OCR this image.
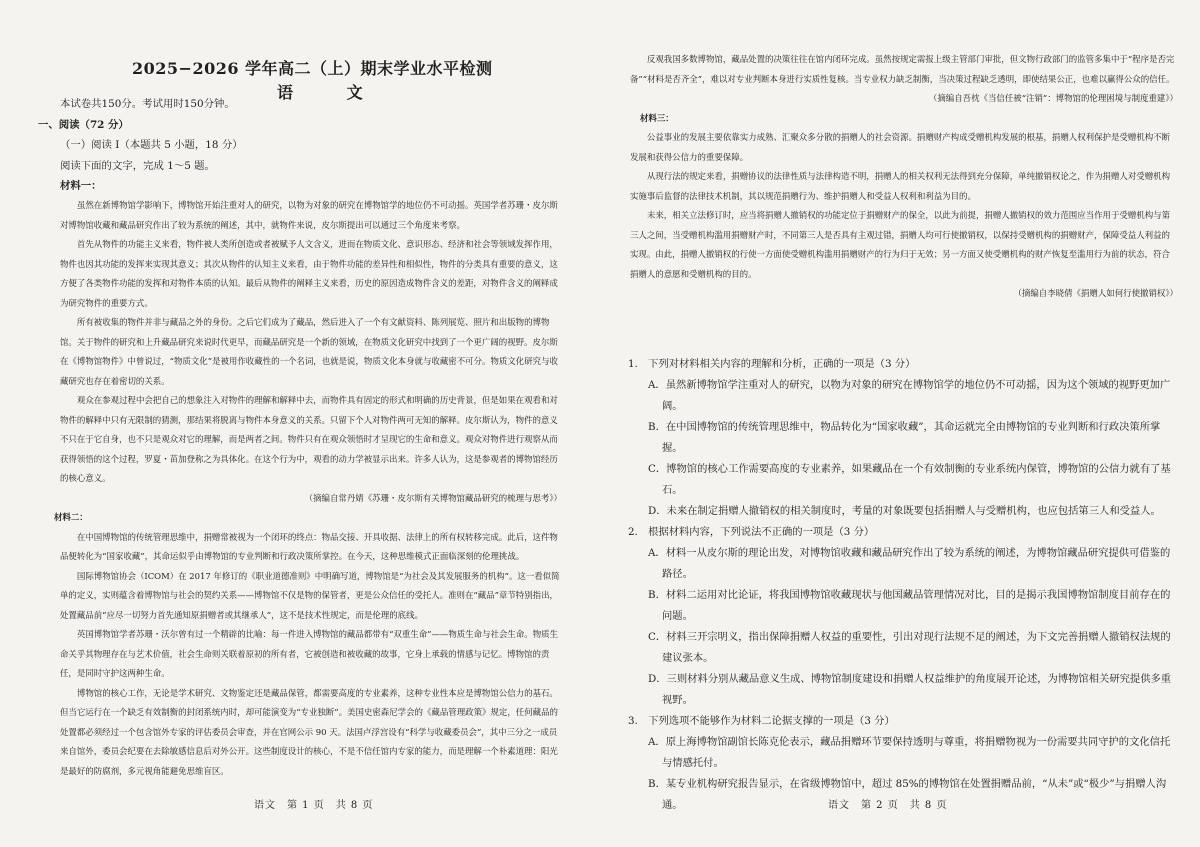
2025−2026 学年高二（上）期末学业水平检测
语 文

本试卷共150分。考试用时150分钟。

一、阅读（72 分）

（一）阅读 I（本题共 5 小题，18 分）

阅读下面的文字，完成 1～5 题。

材料一：

虽然在新博物馆学影响下，博物馆开始注重对人的研究，以物为对象的研究在博物馆学的地位仍不可动摇。英国学者苏珊・皮尔斯对博物馆收藏和藏品研究作出了较为系统的阐述，其中，就物件来说，皮尔斯提出可以通过三个角度来考察。

首先从物件的功能主义来看，物件被人类所创造或者被赋予人文含义，进而在物质文化、意识形态、经济和社会等领域发挥作用，物件也因其功能的发挥来实现其意义；其次从物件的认知主义来看，由于物件功能的差异性和相似性，物件的分类具有重要的意义，这方便了各类物件功能的发挥和对物件本质的认知。最后从物件的阐释主义来看，历史的原因造成物件含义的差距，对物件含义的阐释成为研究物件的重要方式。

所有被收集的物件并非与藏品之外的身份。之后它们成为了藏品，然后进入了一个有文献资料、陈列展览、照片和出版物的博物馆。关于物件的研究和上升藏品研究来说时代更早，而藏品研究是一个新的领域，在物质文化研究中找到了一个更广阔的视野。皮尔斯在《博物馆物件》中曾说过，“物质文化”是被用作收藏性的一个名词，也就是说，物质文化本身就与收藏密不可分。物质文化研究与收藏研究也存在着密切的关系。

观众在参观过程中会把自己的想象注入对物件的理解和解释中去，而物件具有固定的形式和明确的历史背景，但是如果在观看和对物件的解释中只有无限制的猜测，那结果将脱离与物件本身意义的关系。只留下个人对物件两可无知的解释。皮尔斯认为，物件的意义不只在于它自身，也不只是观众对它的理解，而是两者之间。物件只有在观众领悟时才呈现它的生命和意义。观众对物件进行观察从而获得领悟的这个过程，罗夏・苗加登称之为具体化。在这个行为中，观看的动力学被显示出来。许多人认为，这是参观者的博物馆经历的核心意义。

（摘编自常丹婧《苏珊・皮尔斯有关博物馆藏品研究的梳理与思考》）

材料二：

在中国博物馆的传统管理思维中，捐赠常被视为一个闭环的终点：物品交接、开具收据、法律上的所有权转移完成。此后，这件物品便转化为“国家收藏”，其命运似乎由博物馆的专业判断和行政决策所掌控。在今天，这种思维模式正面临深刻的伦理挑战。

国际博物馆协会（ICOM）在 2017 年修订的《职业道德准则》中明确写道，博物馆是“为社会及其发展服务的机构”。这一看似简单的定义，实则蕴含着博物馆与社会的契约关系——博物馆不仅是物的保管者，更是公众信任的受托人。准则在“藏品”章节特别指出，处置藏品前“应尽一切努力首先通知原捐赠者或其继承人”，这不是技术性规定，而是伦理的底线。

英国博物馆学者苏珊・沃尔曾有过一个精辟的比喻：每一件进入博物馆的藏品都带有“双重生命”——物质生命与社会生命。物质生命关乎其物理存在与艺术价值，社会生命则关联着原初的所有者，它被创造和被收藏的故事，它身上承载的情感与记忆。博物馆的责任，是同时守护这两种生命。

博物馆的核心工作，无论是学术研究、文物鉴定还是藏品保管，都需要高度的专业素养，这种专业性本应是博物馆公信力的基石。但当它运行在一个缺乏有效制衡的封闭系统内时，却可能演变为“专业独断”。美国史密森尼学会的《藏品管理政策》规定，任何藏品的处置都必须经过一个包含馆外专家的评估委员会审查，并在官网公示 90 天。法国卢浮宫设有“科学与收藏委员会”，其中三分之一成员来自馆外，委员会纪要在去除敏感信息后对外公开。这些制度设计的核心，不是不信任馆内专家的能力，而是理解一个朴素道理：阳光是最好的防腐剂，多元视角能避免思维盲区。

语文　第 1 页　共 8 页

反观我国多数博物馆，藏品处置的决策往往在馆内闭环完成。虽然按规定需报上级主管部门审批，但文物行政部门的监管多集中于“程序是否完备”“材料是否齐全”，难以对专业判断本身进行实质性复核。当专业权力缺乏制衡，当决策过程缺乏透明，即使结果公正，也难以赢得公众的信任。

（摘编自吾枕《当信任被“注销”：博物馆的伦理困境与制度重建》）

材料三：

公益事业的发展主要依靠实力成熟、汇聚众多分散的捐赠人的社会资源。捐赠财产构成受赠机构发展的根基，捐赠人权利保护是受赠机构不断发展和获得公信力的重要保障。

从现行法的规定来看，捐赠协议的法律性质与法律构造不明，捐赠人的相关权利无法得到充分保障，单纯撤销权论之，作为捐赠人对受赠机构实施事后监督的法律技术机制，其以规范捐赠行为、维护捐赠人和受益人权利和利益为目的。

未来，相关立法修订时，应当将捐赠人撤销权的功能定位于捐赠财产的保全，以此为前提，捐赠人撤销权的效力范围应当作用于受赠机构与第三人之间，当受赠机构滥用捐赠财产时，不同第三人是否具有主观过错，捐赠人均可行使撤销权，以保持受赠机构的捐赠财产，保障受益人利益的实现。由此，捐赠人撤销权的行使一方面使受赠机构滥用捐赠财产的行为归于无效；另一方面又使受赠机构的财产恢复至滥用行为前的状态，符合捐赠人的意愿和受赠机构的目的。

（摘编自李晓倩《捐赠人如何行使撤销权》）

1.　下列对材料相关内容的理解和分析，正确的一项是（3 分）

A．虽然新博物馆学注重对人的研究，以物为对象的研究在博物馆学的地位仍不可动摇，因为这个领域的视野更加广阔。

B．在中国博物馆的传统管理思维中，物品转化为“国家收藏”，其命运就完全由博物馆的专业判断和行政决策所掌握。

C．博物馆的核心工作需要高度的专业素养，如果藏品在一个有效制衡的专业系统内保管，博物馆的公信力就有了基石。

D．未来在制定捐赠人撤销权的相关制度时，考量的对象既要包括捐赠人与受赠机构，也应包括第三人和受益人。

2.　根据材料内容，下列说法不正确的一项是（3 分）

A．材料一从皮尔斯的理论出发，对博物馆收藏和藏品研究作出了较为系统的阐述，为博物馆藏品研究提供可借鉴的路径。

B．材料二运用对比论证，将我国博物馆收藏现状与他国藏品管理情况对比，目的是揭示我国博物馆制度目前存在的问题。

C．材料三开宗明义，指出保障捐赠人权益的重要性，引出对现行法规不足的阐述，为下文完善捐赠人撤销权法规的建议张本。

D．三则材料分别从藏品意义生成、博物馆制度建设和捐赠人权益维护的角度展开论述，为博物馆相关研究提供多重视野。

3.　下列选项不能够作为材料二论据支撑的一项是（3 分）

A．原上海博物馆副馆长陈克伦表示，藏品捐赠环节要保持透明与尊重，将捐赠物视为一份需要共同守护的文化信托与情感托付。

B．某专业机构研究报告显示，在省级博物馆中，超过 85%的博物馆在处置捐赠品前，“从未”或“极少”与捐赠人沟通。	语文　第 2 页　共 8 页
